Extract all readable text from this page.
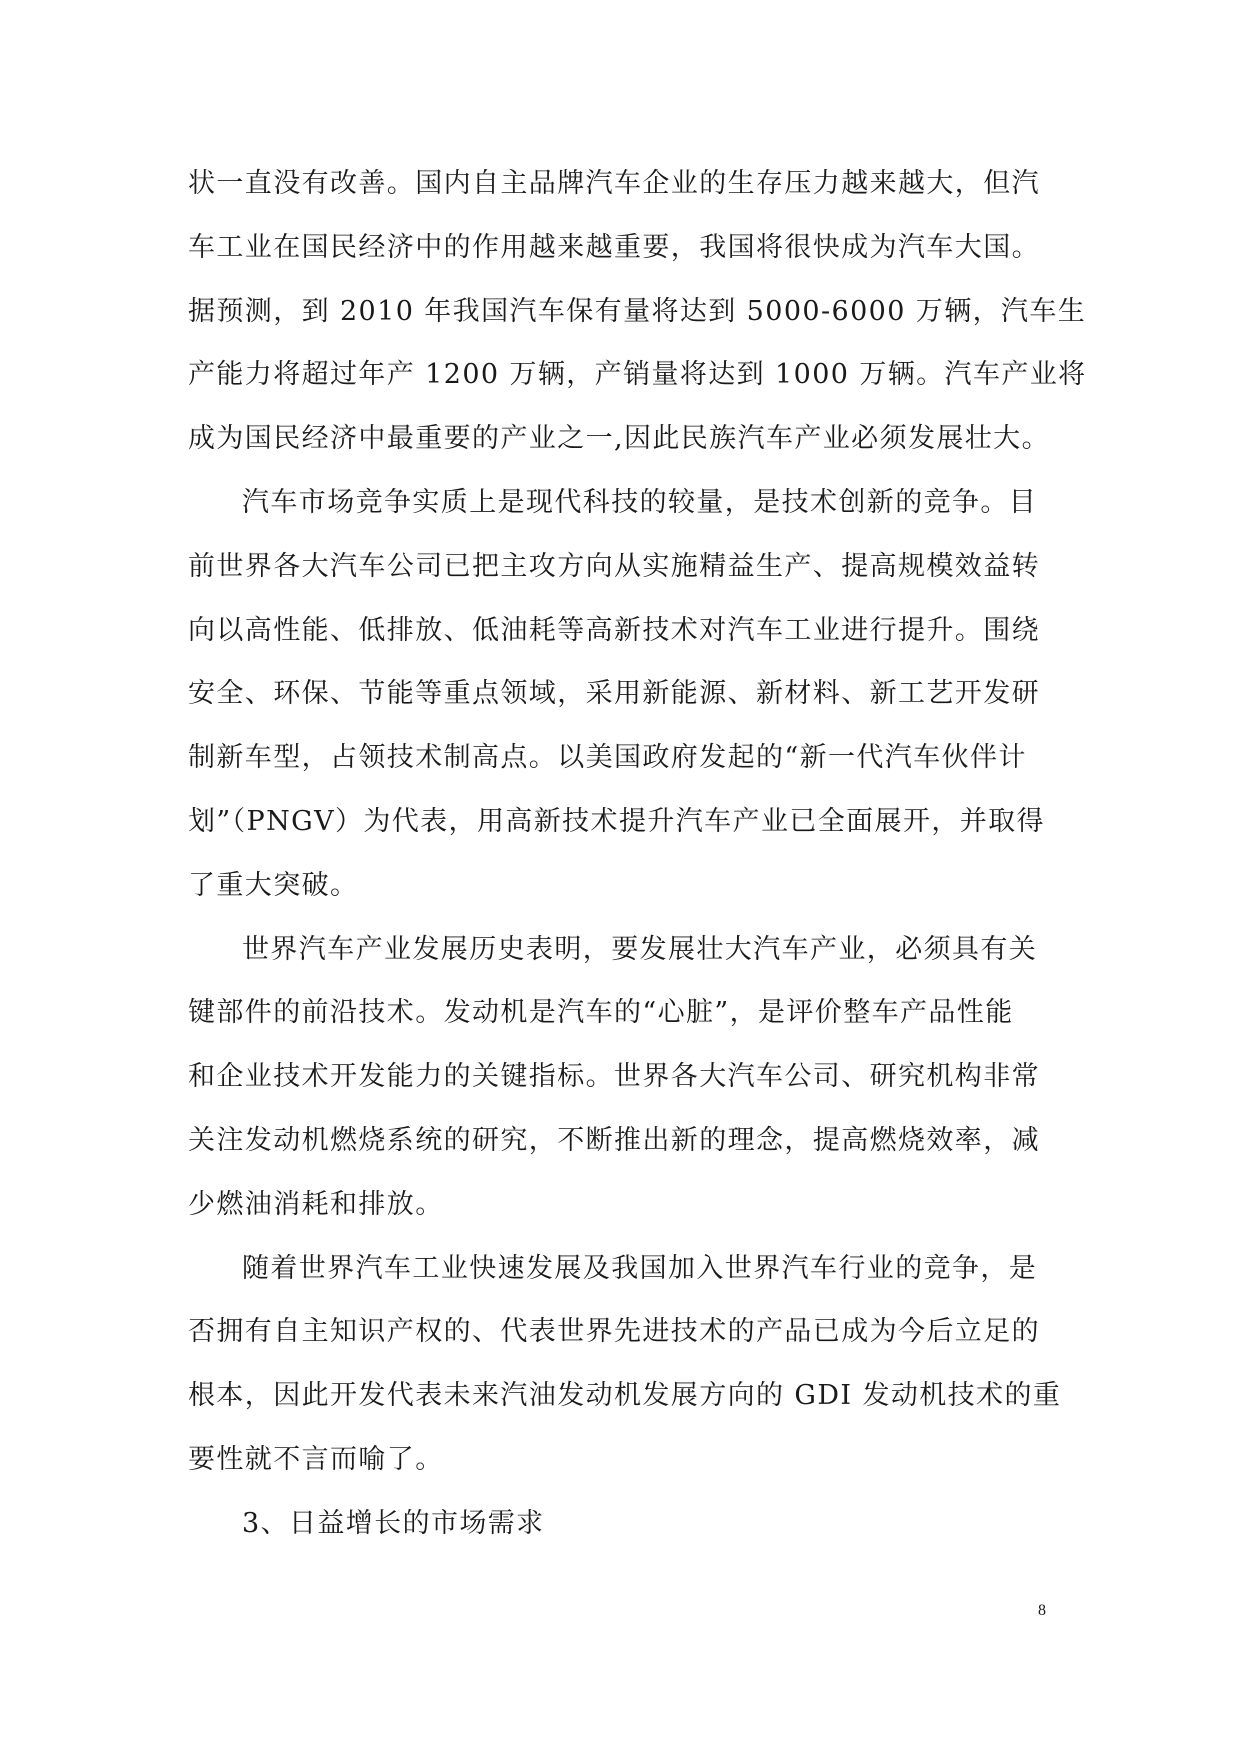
状一直没有改善。国内自主品牌汽车企业的生存压力越来越大，但汽
车工业在国民经济中的作用越来越重要，我国将很快成为汽车大国。
据预测，到 2010 年我国汽车保有量将达到 5000-6000 万辆，汽车生
产能力将超过年产 1200 万辆，产销量将达到 1000 万辆。汽车产业将
成为国民经济中最重要的产业之一,因此民族汽车产业必须发展壮大。
汽车市场竞争实质上是现代科技的较量，是技术创新的竞争。目
前世界各大汽车公司已把主攻方向从实施精益生产、提高规模效益转
向以高性能、低排放、低油耗等高新技术对汽车工业进行提升。围绕
安全、环保、节能等重点领域，采用新能源、新材料、新工艺开发研
制新车型，占领技术制高点。以美国政府发起的“新一代汽车伙伴计
划”（PNGV）为代表，用高新技术提升汽车产业已全面展开，并取得
了重大突破。
世界汽车产业发展历史表明，要发展壮大汽车产业，必须具有关
键部件的前沿技术。发动机是汽车的“心脏”，是评价整车产品性能
和企业技术开发能力的关键指标。世界各大汽车公司、研究机构非常
关注发动机燃烧系统的研究，不断推出新的理念，提高燃烧效率，减
少燃油消耗和排放。
随着世界汽车工业快速发展及我国加入世界汽车行业的竞争，是
否拥有自主知识产权的、代表世界先进技术的产品已成为今后立足的
根本，因此开发代表未来汽油发动机发展方向的 GDI 发动机技术的重
要性就不言而喻了。
3、日益增长的市场需求
8
